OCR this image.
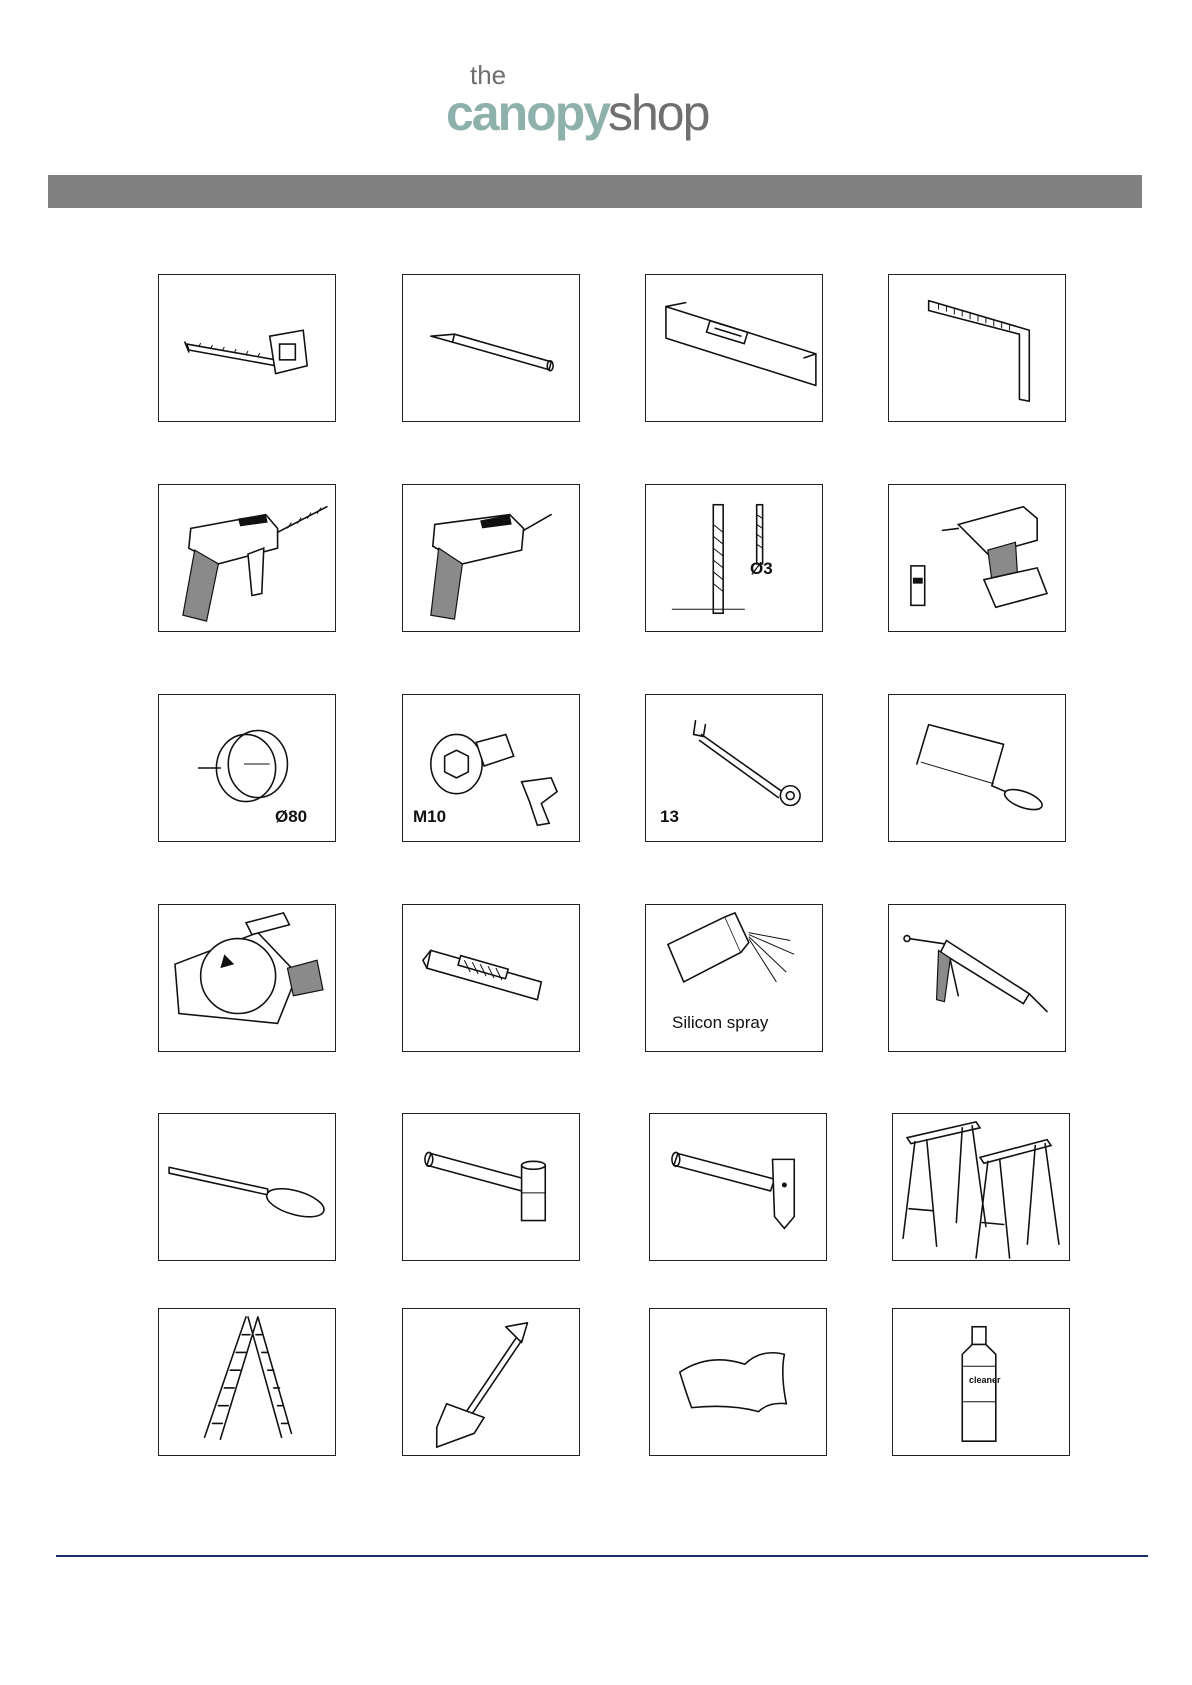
the
canopy
shop
Ø3
Ø80	M10	13
Silicon spray
cleaner
